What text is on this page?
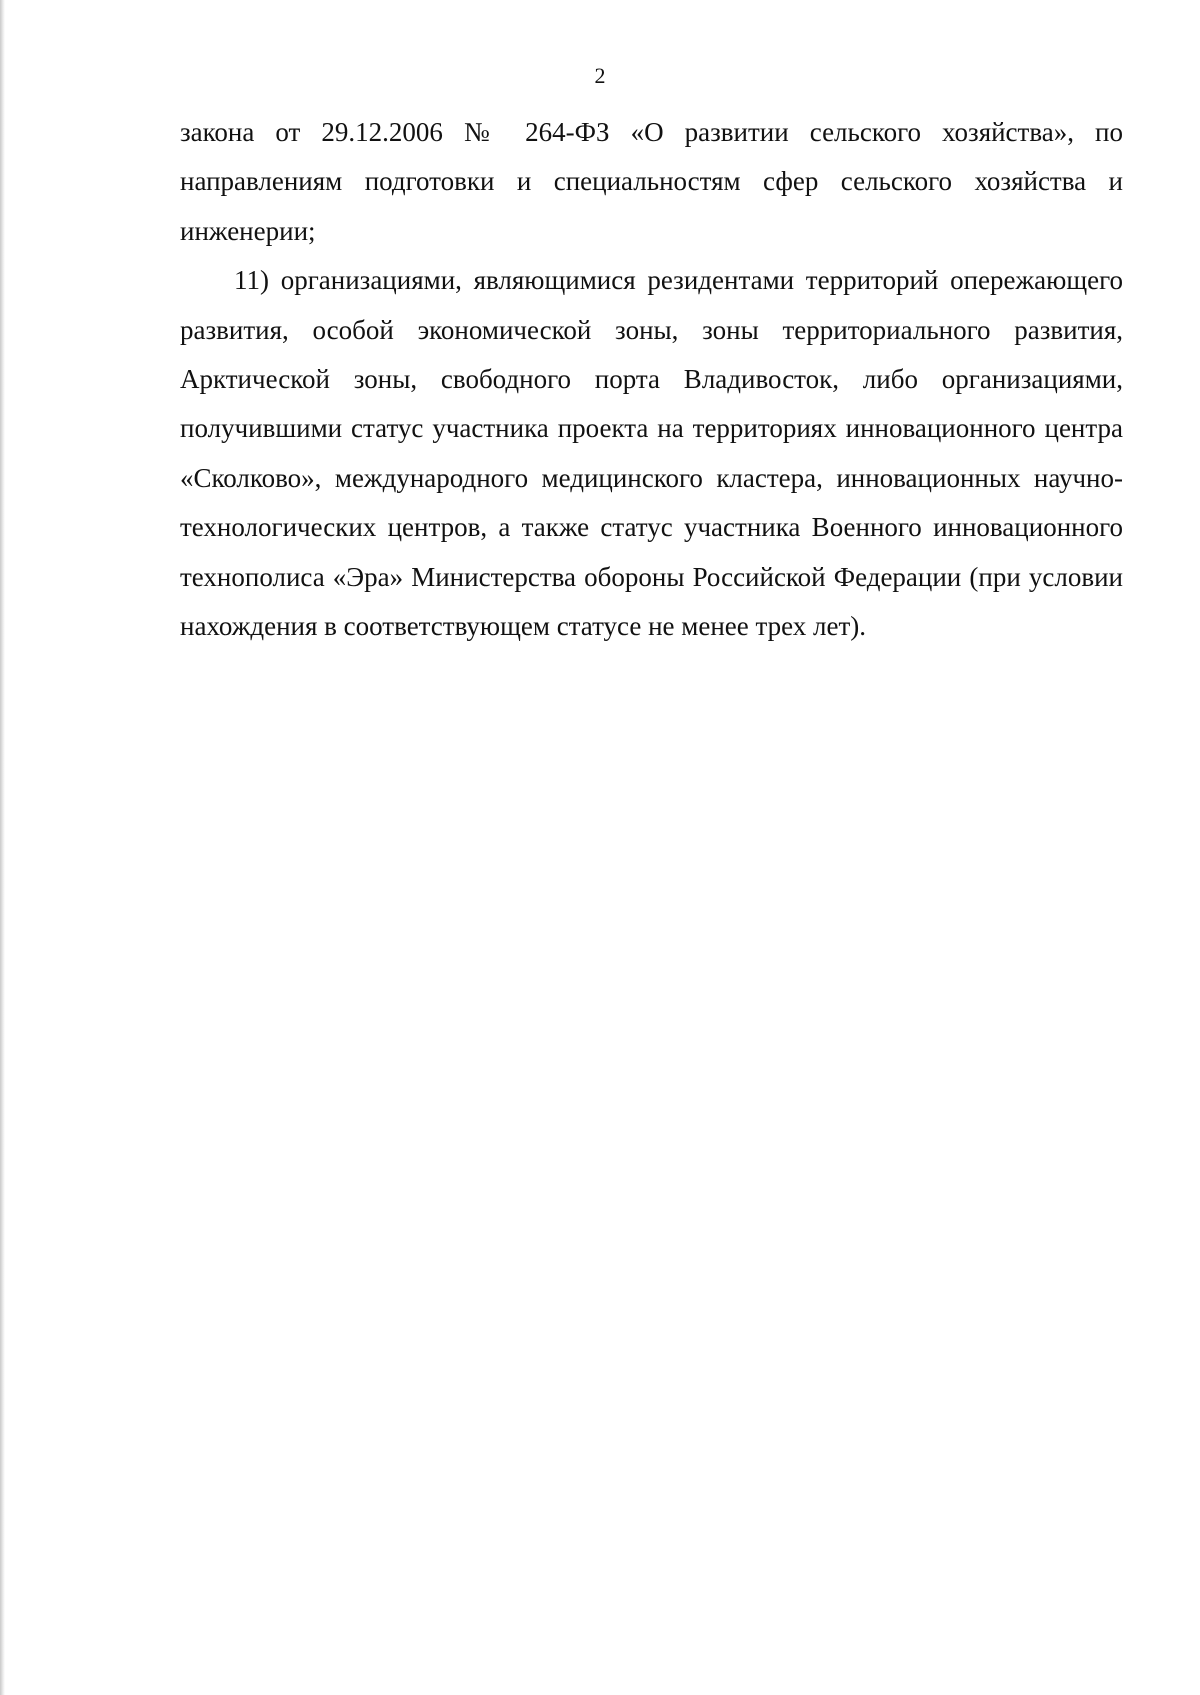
2

закона от 29.12.2006 № 264-ФЗ «О развитии сельского хозяйства», по направлениям подготовки и специальностям сфер сельского хозяйства и инженерии;

11) организациями, являющимися резидентами территорий опережающего развития, особой экономической зоны, зоны территориального развития, Арктической зоны, свободного порта Владивосток, либо организациями, получившими статус участника проекта на территориях инновационного центра «Сколково», международного медицинского кластера, инновационных научно-технологических центров, а также статус участника Военного инновационного технополиса «Эра» Министерства обороны Российской Федерации (при условии нахождения в соответствующем статусе не менее трех лет).
